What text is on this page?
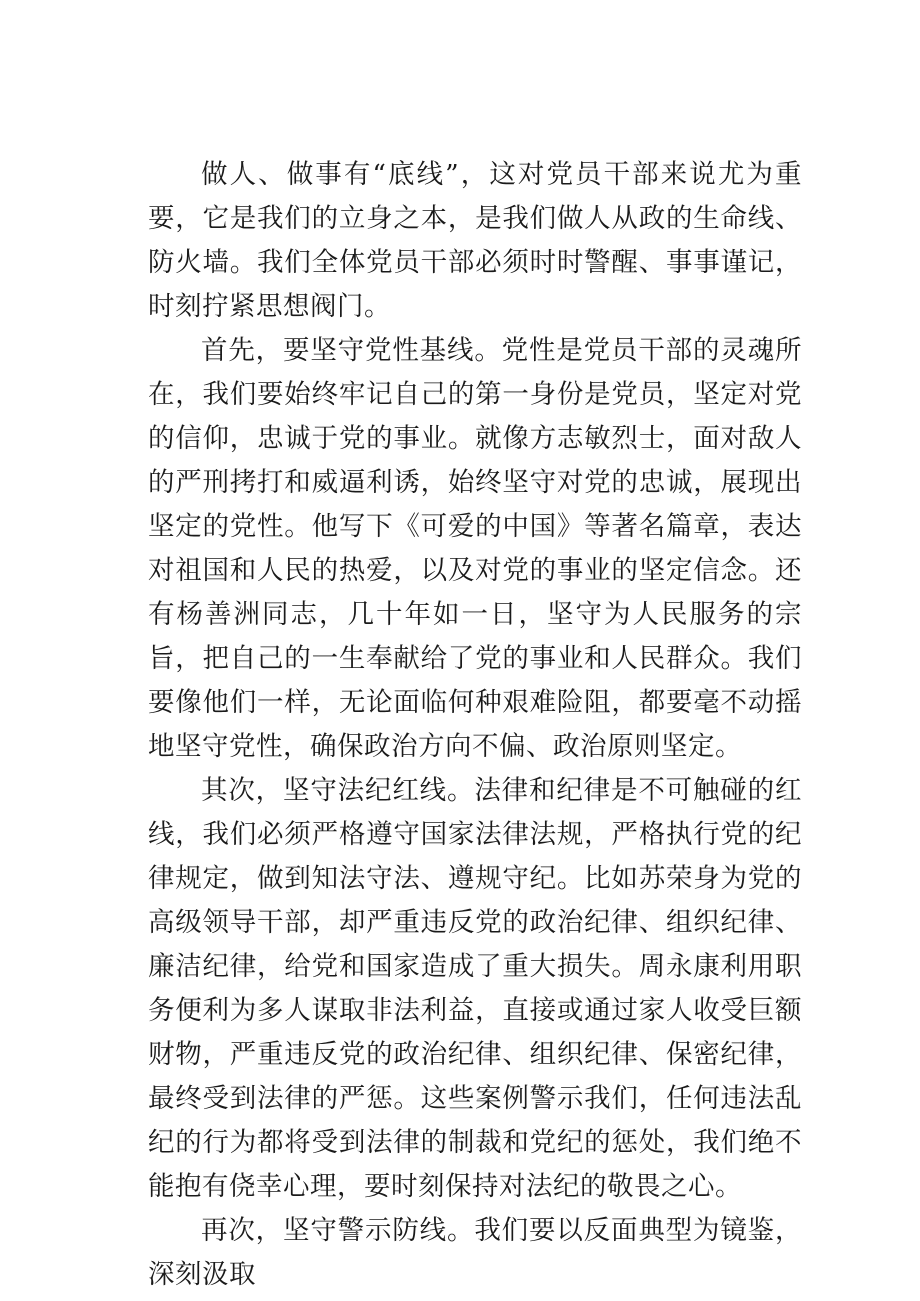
做人、做事有“底线”，这对党员干部来说尤为重要，它是我们的立身之本，是我们做人从政的生命线、防火墙。我们全体党员干部必须时时警醒、事事谨记，时刻拧紧思想阀门。

首先，要坚守党性基线。党性是党员干部的灵魂所在，我们要始终牢记自己的第一身份是党员，坚定对党的信仰，忠诚于党的事业。就像方志敏烈士，面对敌人的严刑拷打和威逼利诱，始终坚守对党的忠诚，展现出坚定的党性。他写下《可爱的中国》等著名篇章，表达对祖国和人民的热爱，以及对党的事业的坚定信念。还有杨善洲同志，几十年如一日，坚守为人民服务的宗旨，把自己的一生奉献给了党的事业和人民群众。我们要像他们一样，无论面临何种艰难险阻，都要毫不动摇地坚守党性，确保政治方向不偏、政治原则坚定。

其次，坚守法纪红线。法律和纪律是不可触碰的红线，我们必须严格遵守国家法律法规，严格执行党的纪律规定，做到知法守法、遵规守纪。比如苏荣身为党的高级领导干部，却严重违反党的政治纪律、组织纪律、廉洁纪律，给党和国家造成了重大损失。周永康利用职务便利为多人谋取非法利益，直接或通过家人收受巨额财物，严重违反党的政治纪律、组织纪律、保密纪律，最终受到法律的严惩。这些案例警示我们，任何违法乱纪的行为都将受到法律的制裁和党纪的惩处，我们绝不能抱有侥幸心理，要时刻保持对法纪的敬畏之心。

再次，坚守警示防线。我们要以反面典型为镜鉴，深刻汲取
